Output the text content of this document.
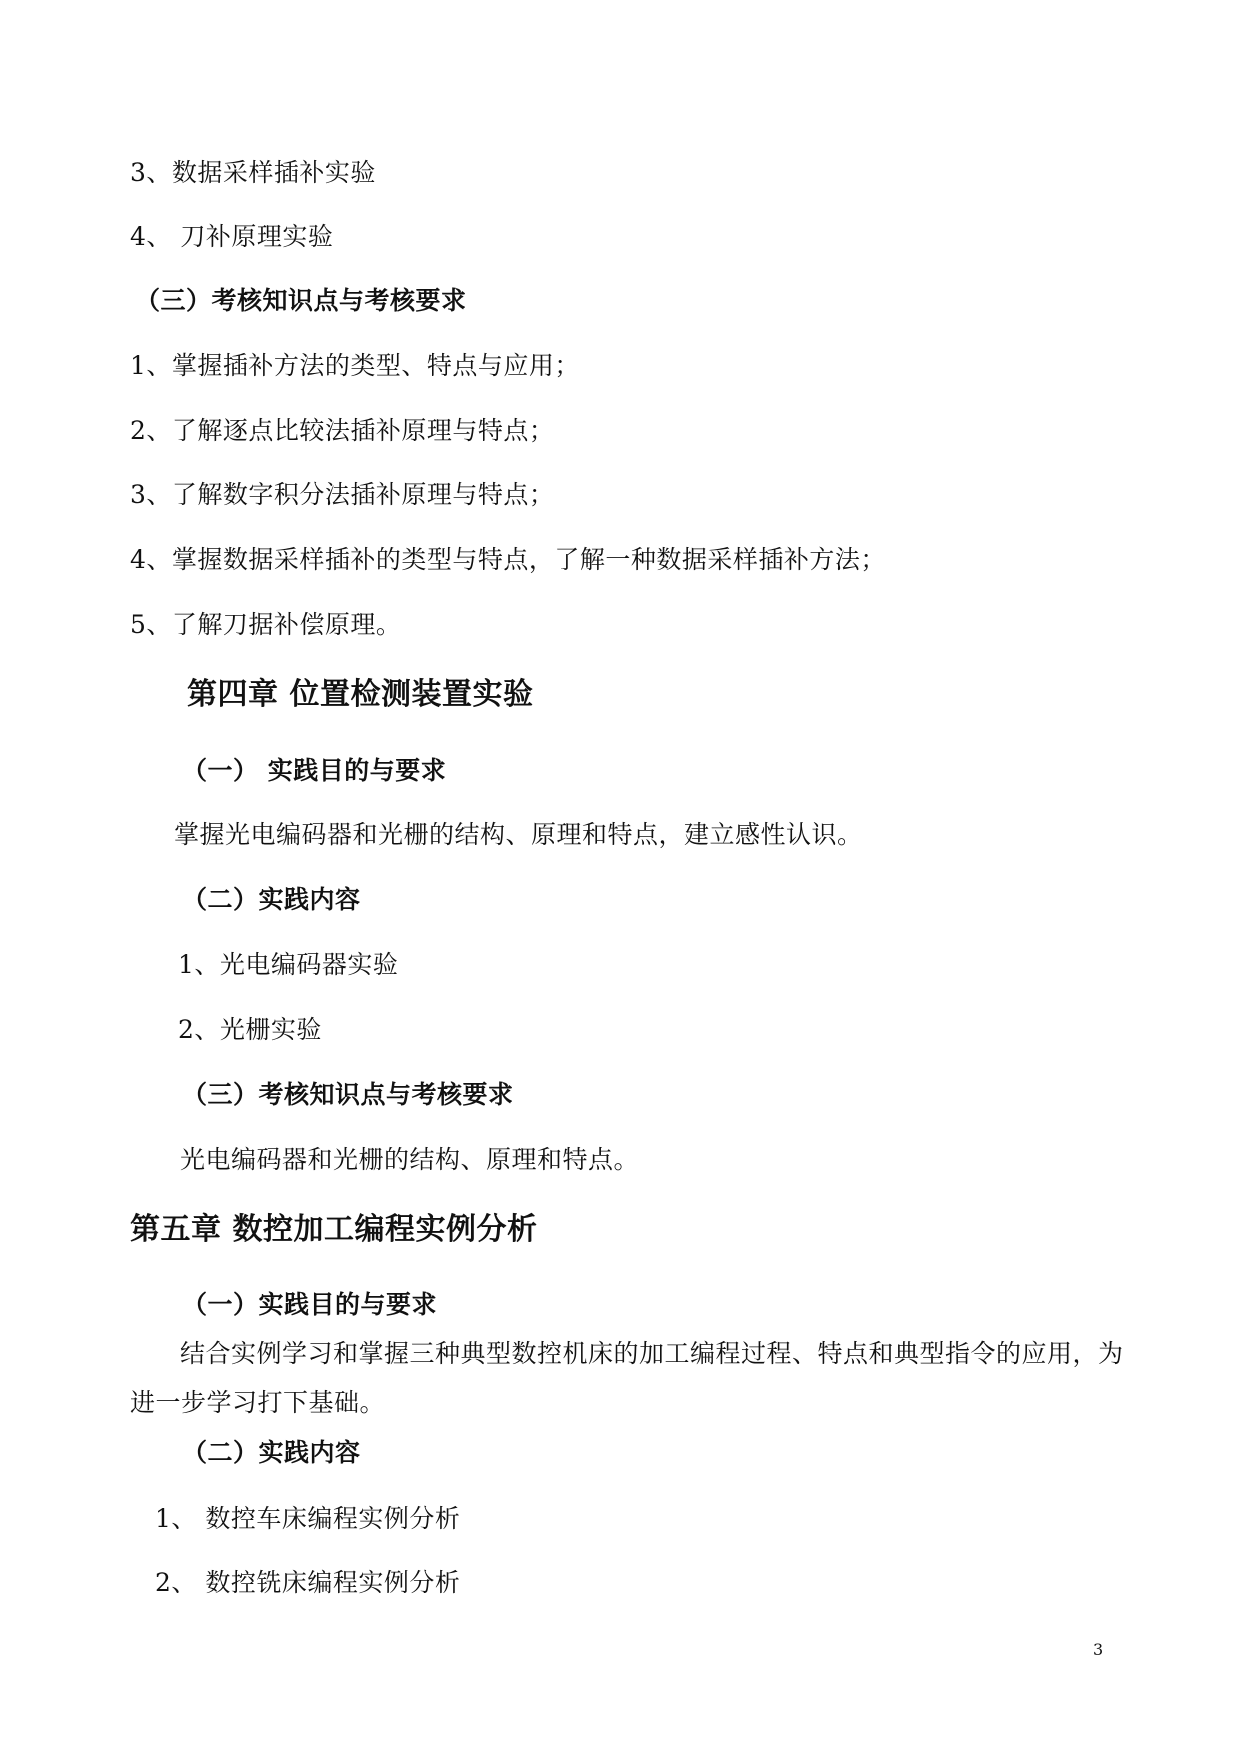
3、数据采样插补实验
4、 刀补原理实验
（三）考核知识点与考核要求
1、掌握插补方法的类型、特点与应用；
2、了解逐点比较法插补原理与特点；
3、了解数字积分法插补原理与特点；
4、掌握数据采样插补的类型与特点，了解一种数据采样插补方法；
5、了解刀据补偿原理。
第四章 位置检测装置实验
（一） 实践目的与要求
掌握光电编码器和光栅的结构、原理和特点，建立感性认识。
（二）实践内容
1、光电编码器实验
2、光栅实验
（三）考核知识点与考核要求
光电编码器和光栅的结构、原理和特点。
第五章 数控加工编程实例分析
（一）实践目的与要求
结合实例学习和掌握三种典型数控机床的加工编程过程、特点和典型指令的应用，为
进一步学习打下基础。
（二）实践内容
1、 数控车床编程实例分析
2、 数控铣床编程实例分析
3
